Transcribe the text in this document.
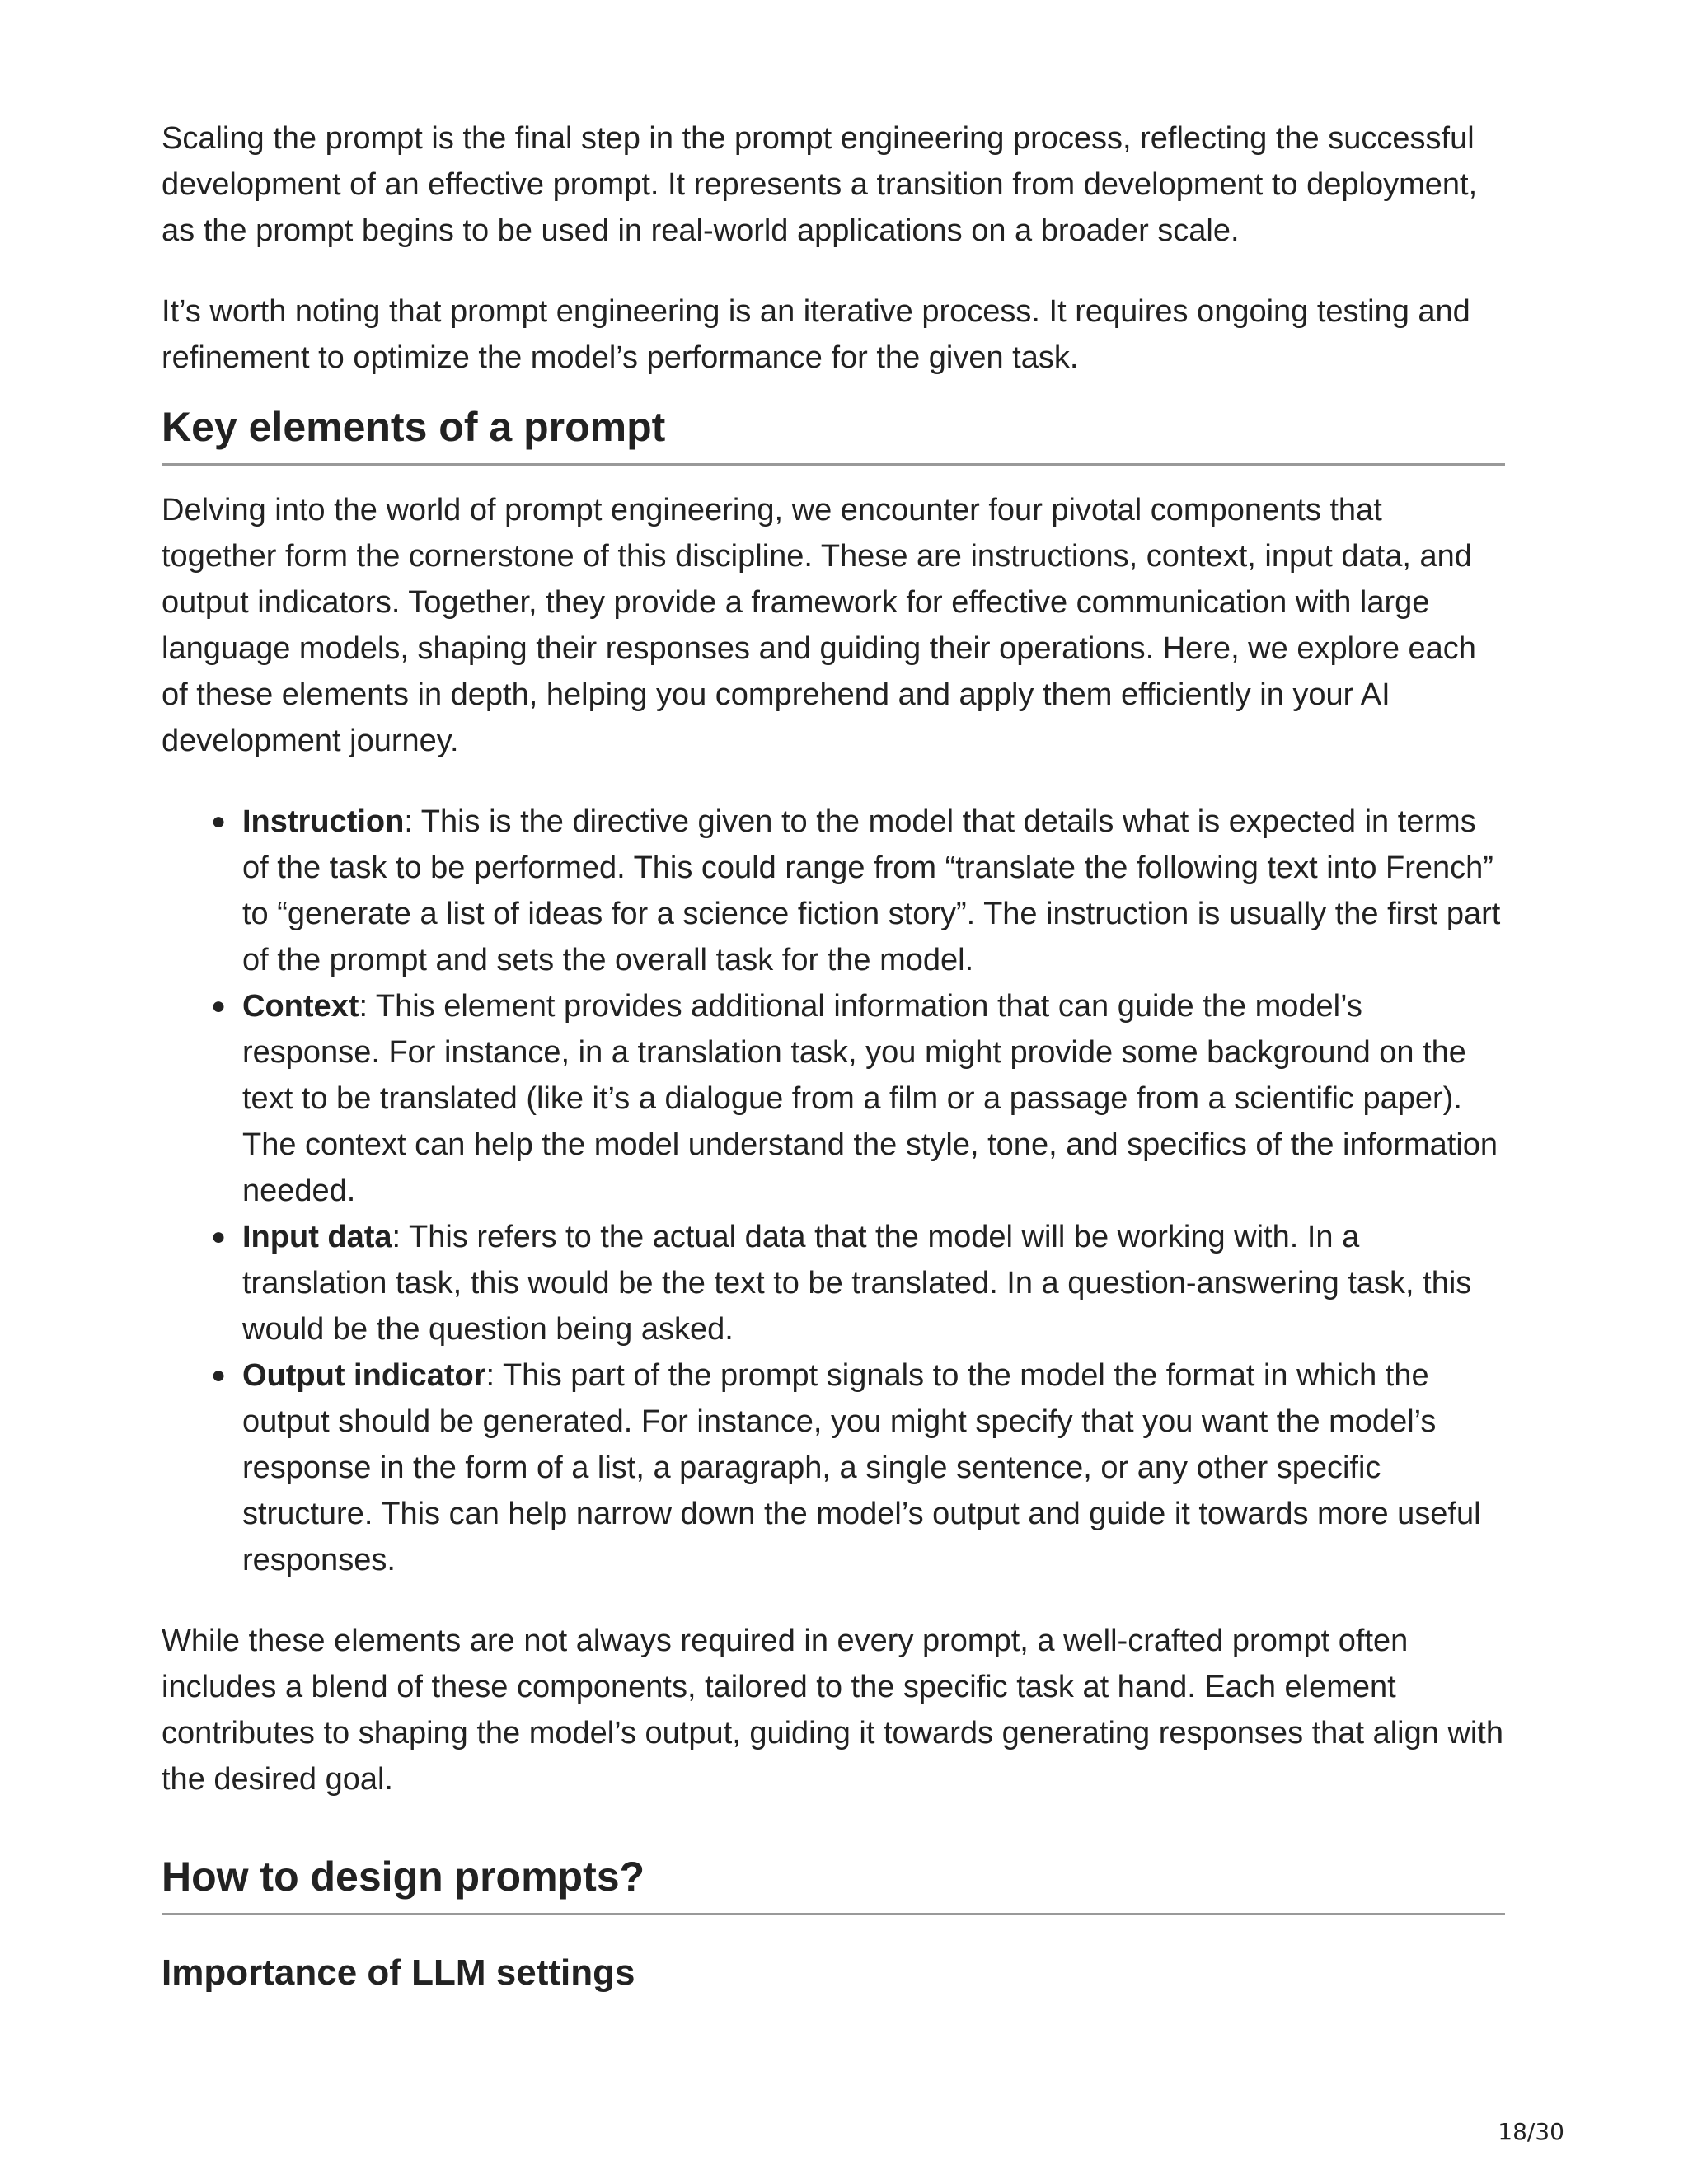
Scaling the prompt is the final step in the prompt engineering process, reflecting the successful development of an effective prompt. It represents a transition from development to deployment, as the prompt begins to be used in real-world applications on a broader scale.

It’s worth noting that prompt engineering is an iterative process. It requires ongoing testing and refinement to optimize the model’s performance for the given task.

Key elements of a prompt

Delving into the world of prompt engineering, we encounter four pivotal components that together form the cornerstone of this discipline. These are instructions, context, input data, and output indicators. Together, they provide a framework for effective communication with large language models, shaping their responses and guiding their operations. Here, we explore each of these elements in depth, helping you comprehend and apply them efficiently in your AI development journey.

● Instruction: This is the directive given to the model that details what is expected in terms of the task to be performed. This could range from “translate the following text into French” to “generate a list of ideas for a science fiction story”. The instruction is usually the first part of the prompt and sets the overall task for the model.
● Context: This element provides additional information that can guide the model’s response. For instance, in a translation task, you might provide some background on the text to be translated (like it’s a dialogue from a film or a passage from a scientific paper). The context can help the model understand the style, tone, and specifics of the information needed.
● Input data: This refers to the actual data that the model will be working with. In a translation task, this would be the text to be translated. In a question-answering task, this would be the question being asked.
● Output indicator: This part of the prompt signals to the model the format in which the output should be generated. For instance, you might specify that you want the model’s response in the form of a list, a paragraph, a single sentence, or any other specific structure. This can help narrow down the model’s output and guide it towards more useful responses.

While these elements are not always required in every prompt, a well-crafted prompt often includes a blend of these components, tailored to the specific task at hand. Each element contributes to shaping the model’s output, guiding it towards generating responses that align with the desired goal.

How to design prompts?
Importance of LLM settings
18/30
